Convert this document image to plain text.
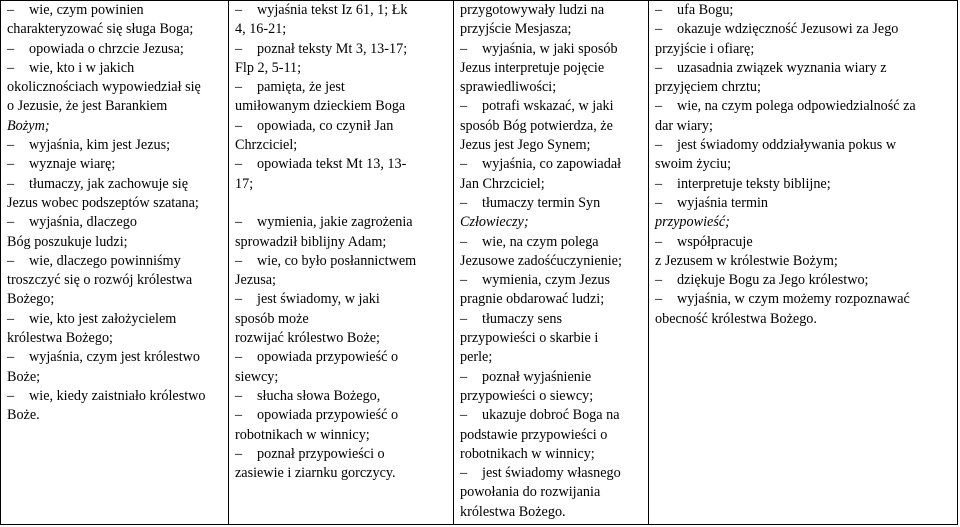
– wie, czym powinien
charakteryzować się sługa Boga;
– opowiada o chrzcie Jezusa;
– wie, kto i w jakich
okolicznościach wypowiedział się
o Jezusie, że jest Barankiem
Bożym;
– wyjaśnia, kim jest Jezus;
– wyznaje wiarę;
– tłumaczy, jak zachowuje się
Jezus wobec podszeptów szatana;
– wyjaśnia, dlaczego
Bóg poszukuje ludzi;
– wie, dlaczego powinniśmy
troszczyć się o rozwój królestwa
Bożego;
– wie, kto jest założycielem
królestwa Bożego;
– wyjaśnia, czym jest królestwo
Boże;
– wie, kiedy zaistniało królestwo
Boże.
– wyjaśnia tekst Iz 61, 1; Łk
4, 16-21;
– poznał teksty Mt 3, 13-17;
Flp 2, 5-11;
– pamięta, że jest
umiłowanym dzieckiem Boga
– opowiada, co czynił Jan
Chrzciciel;
– opowiada tekst Mt 13, 13-
17;

– wymienia, jakie zagrożenia
sprowadził biblijny Adam;
– wie, co było posłannictwem
Jezusa;
– jest świadomy, w jaki
sposób może
rozwijać królestwo Boże;
– opowiada przypowieść o
siewcy;
– słucha słowa Bożego,
– opowiada przypowieść o
robotnikach w winnicy;
– poznał przypowieści o
zasiewie i ziarnku gorczycy.
przygotowywały ludzi na
przyjście Mesjasza;
– wyjaśnia, w jaki sposób
Jezus interpretuje pojęcie
sprawiedliwości;
– potrafi wskazać, w jaki
sposób Bóg potwierdza, że
Jezus jest Jego Synem;
– wyjaśnia, co zapowiadał
Jan Chrzciciel;
– tłumaczy termin Syn
Człowieczy;
– wie, na czym polega
Jezusowe zadośćuczynienie;
– wymienia, czym Jezus
pragnie obdarować ludzi;
– tłumaczy sens
przypowieści o skarbie i
perle;
– poznał wyjaśnienie
przypowieści o siewcy;
– ukazuje dobroć Boga na
podstawie przypowieści o
robotnikach w winnicy;
– jest świadomy własnego
powołania do rozwijania
królestwa Bożego.
– ufa Bogu;
– okazuje wdzięczność Jezusowi za Jego
przyjście i ofiarę;
– uzasadnia związek wyznania wiary z
przyjęciem chrztu;
– wie, na czym polega odpowiedzialność za
dar wiary;
– jest świadomy oddziaływania pokus w
swoim życiu;
– interpretuje teksty biblijne;
– wyjaśnia termin
przypowieść;
– współpracuje
z Jezusem w królestwie Bożym;
– dziękuje Bogu za Jego królestwo;
– wyjaśnia, w czym możemy rozpoznawać
obecność królestwa Bożego.
